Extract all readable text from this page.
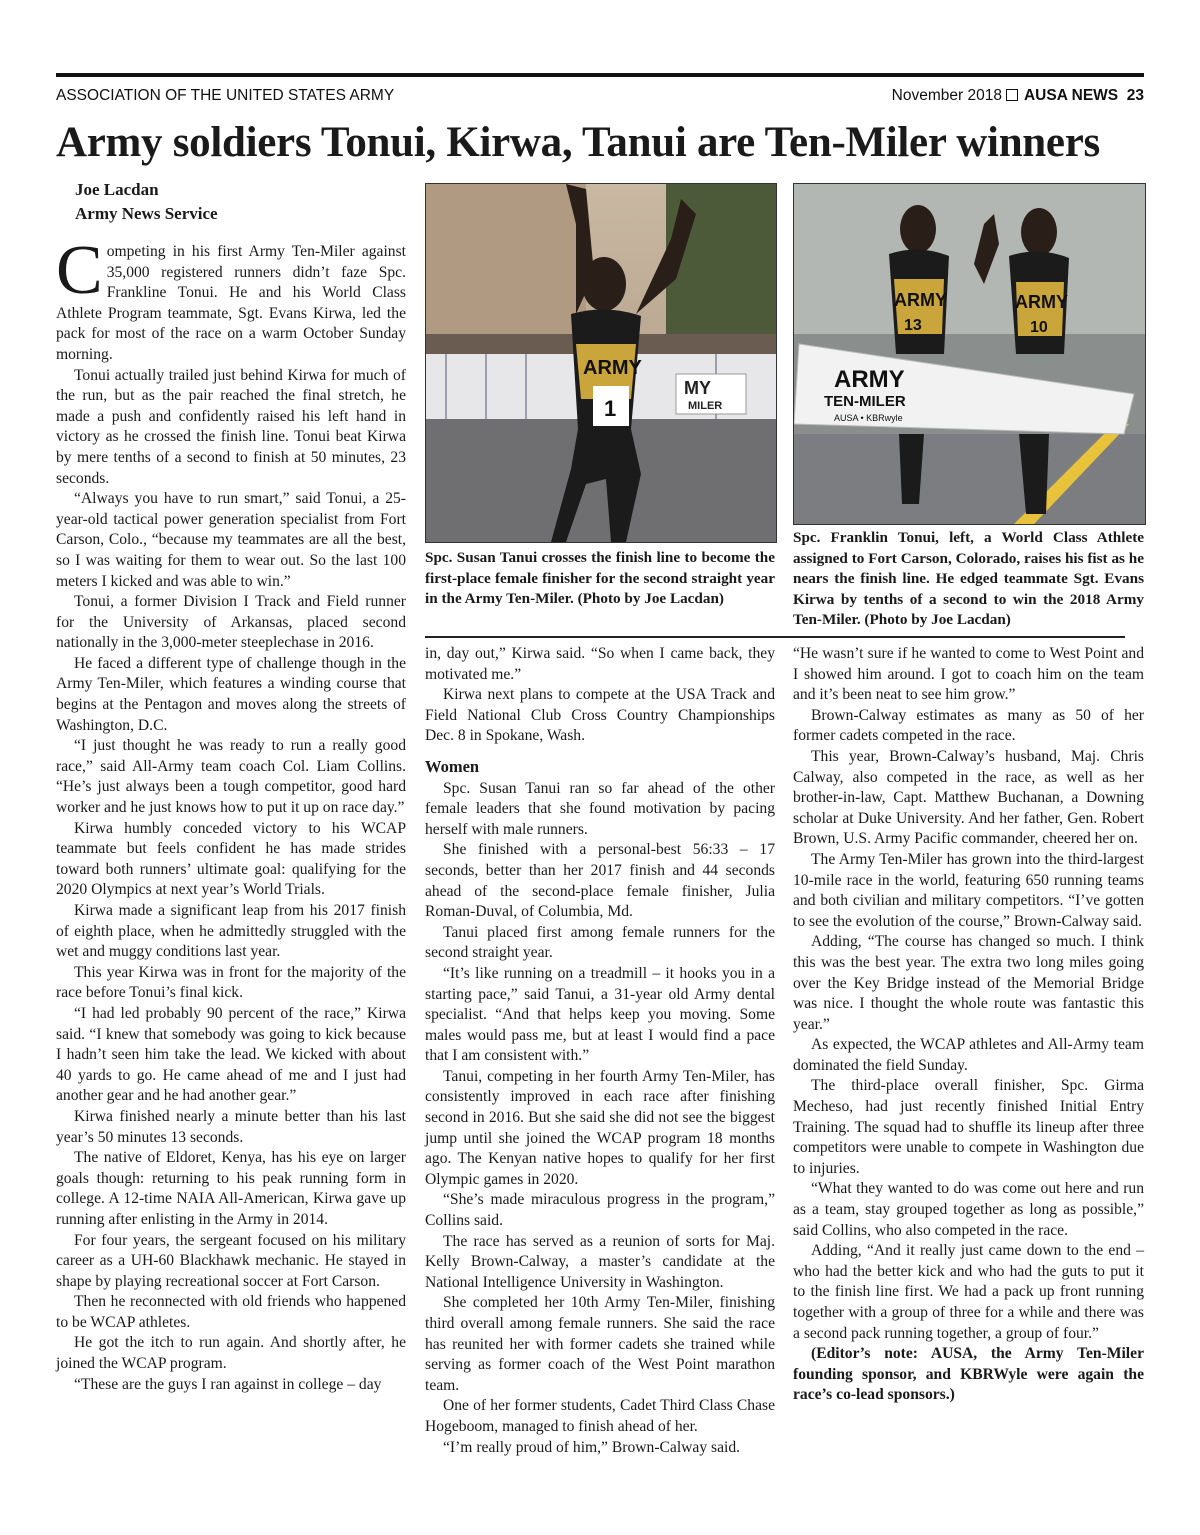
ASSOCIATION OF THE UNITED STATES ARMY	November 2018 AUSA NEWS 23
Army soldiers Tonui, Kirwa, Tanui are Ten-Miler winners
Joe Lacdan
Army News Service
MY
MILER
ARMY
1
Spc. Susan Tanui crosses the finish line to become the first-place female finisher for the second straight year in the Army Ten-Miler. (Photo by Joe Lacdan)
ARMY
13
ARMY
10
ARMY
TEN-MILER
AUSA • KBRwyle
Spc. Franklin Tonui, left, a World Class Athlete assigned to Fort Carson, Colorado, raises his fist as he nears the finish line. He edged teammate Sgt. Evans Kirwa by tenths of a second to win the 2018 Army Ten-Miler. (Photo by Joe Lacdan)

Competing in his first Army Ten-Miler against 35,000 registered runners didn’t faze Spc. Frankline Tonui. He and his World Class Athlete Program teammate, Sgt. Evans Kirwa, led the pack for most of the race on a warm October Sunday morning.

Tonui actually trailed just behind Kirwa for much of the run, but as the pair reached the final stretch, he made a push and confidently raised his left hand in victory as he crossed the finish line. Tonui beat Kirwa by mere tenths of a second to finish at 50 minutes, 23 seconds.

“Always you have to run smart,” said Tonui, a 25-year-old tactical power generation specialist from Fort Carson, Colo., “because my teammates are all the best, so I was waiting for them to wear out. So the last 100 meters I kicked and was able to win.”

Tonui, a former Division I Track and Field runner for the University of Arkansas, placed second nationally in the 3,000-meter steeplechase in 2016.

He faced a different type of challenge though in the Army Ten-Miler, which features a winding course that begins at the Pentagon and moves along the streets of Washington, D.C.

“I just thought he was ready to run a really good race,” said All-Army team coach Col. Liam Collins. “He’s just always been a tough competitor, good hard worker and he just knows how to put it up on race day.”

Kirwa humbly conceded victory to his WCAP teammate but feels confident he has made strides toward both runners’ ultimate goal: qualifying for the 2020 Olympics at next year’s World Trials.

Kirwa made a significant leap from his 2017 finish of eighth place, when he admittedly struggled with the wet and muggy conditions last year.

This year Kirwa was in front for the majority of the race before Tonui’s final kick.

“I had led probably 90 percent of the race,” Kirwa said. “I knew that somebody was going to kick because I hadn’t seen him take the lead. We kicked with about 40 yards to go. He came ahead of me and I just had another gear and he had another gear.”

Kirwa finished nearly a minute better than his last year’s 50 minutes 13 seconds.

The native of Eldoret, Kenya, has his eye on larger goals though: returning to his peak running form in college. A 12-time NAIA All-American, Kirwa gave up running after enlisting in the Army in 2014.

For four years, the sergeant focused on his military career as a UH-60 Blackhawk mechanic. He stayed in shape by playing recreational soccer at Fort Carson.

Then he reconnected with old friends who happened to be WCAP athletes.

He got the itch to run again. And shortly after, he joined the WCAP program.

“These are the guys I ran against in college – day

in, day out,” Kirwa said. “So when I came back, they motivated me.”

Kirwa next plans to compete at the USA Track and Field National Club Cross Country Championships Dec. 8 in Spokane, Wash.

Women

Spc. Susan Tanui ran so far ahead of the other female leaders that she found motivation by pacing herself with male runners.

She finished with a personal-best 56:33 – 17 seconds, better than her 2017 finish and 44 seconds ahead of the second-place female finisher, Julia Roman-Duval, of Columbia, Md.

Tanui placed first among female runners for the second straight year.

“It’s like running on a treadmill – it hooks you in a starting pace,” said Tanui, a 31-year old Army dental specialist. “And that helps keep you moving. Some males would pass me, but at least I would find a pace that I am consistent with.”

Tanui, competing in her fourth Army Ten-Miler, has consistently improved in each race after finishing second in 2016. But she said she did not see the biggest jump until she joined the WCAP program 18 months ago. The Kenyan native hopes to qualify for her first Olympic games in 2020.

“She’s made miraculous progress in the program,” Collins said.

The race has served as a reunion of sorts for Maj. Kelly Brown-Calway, a master’s candidate at the National Intelligence University in Washington.

She completed her 10th Army Ten-Miler, finishing third overall among female runners. She said the race has reunited her with former cadets she trained while serving as former coach of the West Point marathon team.

One of her former students, Cadet Third Class Chase Hogeboom, managed to finish ahead of her.

“I’m really proud of him,” Brown-Calway said.

“He wasn’t sure if he wanted to come to West Point and I showed him around. I got to coach him on the team and it’s been neat to see him grow.”

Brown-Calway estimates as many as 50 of her former cadets competed in the race.

This year, Brown-Calway’s husband, Maj. Chris Calway, also competed in the race, as well as her brother-in-law, Capt. Matthew Buchanan, a Downing scholar at Duke University. And her father, Gen. Robert Brown, U.S. Army Pacific commander, cheered her on.

The Army Ten-Miler has grown into the third-largest 10-mile race in the world, featuring 650 running teams and both civilian and military competitors. “I’ve gotten to see the evolution of the course,” Brown-Calway said.

Adding, “The course has changed so much. I think this was the best year. The extra two long miles going over the Key Bridge instead of the Memorial Bridge was nice. I thought the whole route was fantastic this year.”

As expected, the WCAP athletes and All-Army team dominated the field Sunday.

The third-place overall finisher, Spc. Girma Mecheso, had just recently finished Initial Entry Training. The squad had to shuffle its lineup after three competitors were unable to compete in Washington due to injuries.

“What they wanted to do was come out here and run as a team, stay grouped together as long as possible,” said Collins, who also competed in the race.

Adding, “And it really just came down to the end – who had the better kick and who had the guts to put it to the finish line first. We had a pack up front running together with a group of three for a while and there was a second pack running together, a group of four.”

(Editor’s note: AUSA, the Army Ten-Miler founding sponsor, and KBRWyle were again the race’s co-lead sponsors.)
